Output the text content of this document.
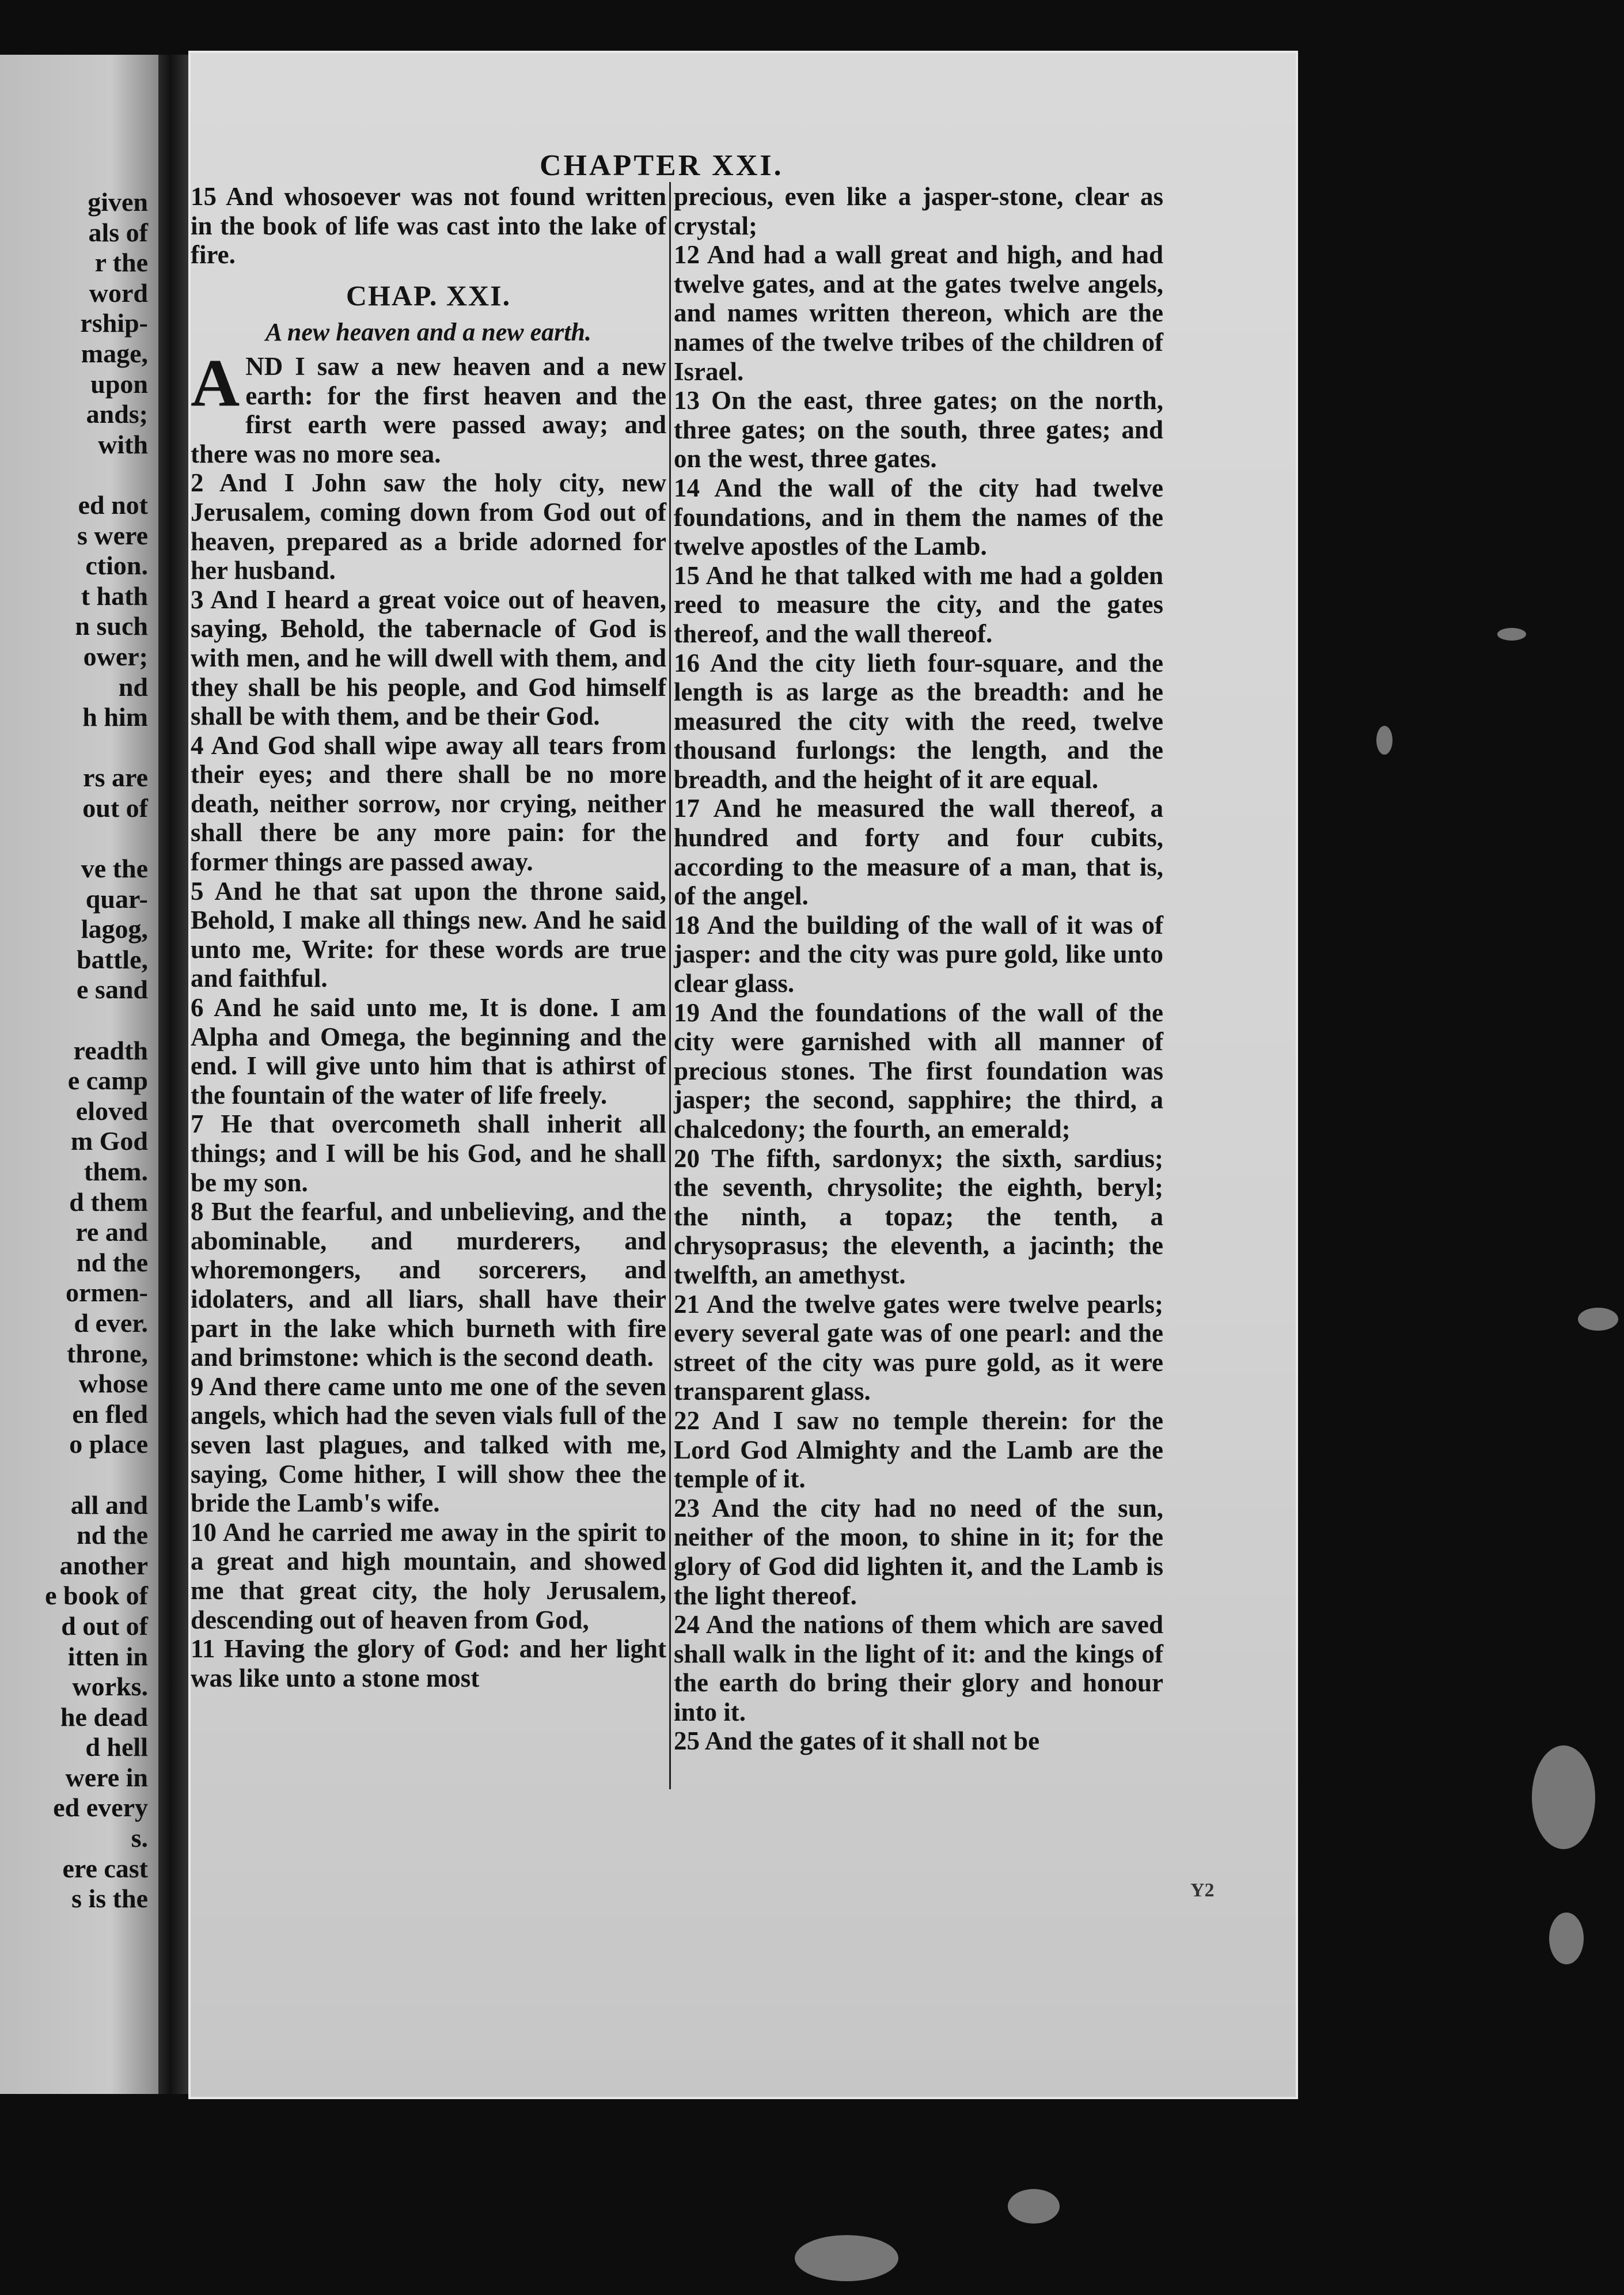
given
als of
r the
word
rship-
mage,
upon
ands;
with

ed not
s were
ction.
t hath
n such
ower;
nd
h him

rs are
out of

ve the
quar-
lagog,
battle,
e sand

readth
e camp
eloved
m God
them.
d them
re and
nd the
ormen-
d ever.
throne,
whose
en fled
o place

all and
nd the
another
e book of
d out of
itten in
works.
he dead
d hell
were in
ed every
s.
ere cast
s is the
CHAPTER XXI.

15 And whosoever was not found written in the book of life was cast into the lake of fire.

CHAP. XXI.
A new heaven and a new earth.

AND I saw a new heaven and a new earth: for the first heaven and the first earth were passed away; and there was no more sea.

2 And I John saw the holy city, new Jerusalem, coming down from God out of heaven, prepared as a bride adorned for her husband.

3 And I heard a great voice out of heaven, saying, Behold, the tabernacle of God is with men, and he will dwell with them, and they shall be his people, and God himself shall be with them, and be their God.

4 And God shall wipe away all tears from their eyes; and there shall be no more death, neither sorrow, nor crying, neither shall there be any more pain: for the former things are passed away.

5 And he that sat upon the throne said, Behold, I make all things new. And he said unto me, Write: for these words are true and faithful.

6 And he said unto me, It is done. I am Alpha and Omega, the beginning and the end. I will give unto him that is athirst of the fountain of the water of life freely.

7 He that overcometh shall inherit all things; and I will be his God, and he shall be my son.

8 But the fearful, and unbelieving, and the abominable, and murderers, and whoremongers, and sorcerers, and idolaters, and all liars, shall have their part in the lake which burneth with fire and brimstone: which is the second death.

9 And there came unto me one of the seven angels, which had the seven vials full of the seven last plagues, and talked with me, saying, Come hither, I will show thee the bride the Lamb's wife.

10 And he carried me away in the spirit to a great and high mountain, and showed me that great city, the holy Jerusalem, descending out of heaven from God,

11 Having the glory of God: and her light was like unto a stone most

precious, even like a jasper-stone, clear as crystal;

12 And had a wall great and high, and had twelve gates, and at the gates twelve angels, and names written thereon, which are the names of the twelve tribes of the children of Israel.

13 On the east, three gates; on the north, three gates; on the south, three gates; and on the west, three gates.

14 And the wall of the city had twelve foundations, and in them the names of the twelve apostles of the Lamb.

15 And he that talked with me had a golden reed to measure the city, and the gates thereof, and the wall thereof.

16 And the city lieth four-square, and the length is as large as the breadth: and he measured the city with the reed, twelve thousand furlongs: the length, and the breadth, and the height of it are equal.

17 And he measured the wall thereof, a hundred and forty and four cubits, according to the measure of a man, that is, of the angel.

18 And the building of the wall of it was of jasper: and the city was pure gold, like unto clear glass.

19 And the foundations of the wall of the city were garnished with all manner of precious stones. The first foundation was jasper; the second, sapphire; the third, a chalcedony; the fourth, an emerald;

20 The fifth, sardonyx; the sixth, sardius; the seventh, chrysolite; the eighth, beryl; the ninth, a topaz; the tenth, a chrysoprasus; the eleventh, a jacinth; the twelfth, an amethyst.

21 And the twelve gates were twelve pearls; every several gate was of one pearl: and the street of the city was pure gold, as it were transparent glass.

22 And I saw no temple therein: for the Lord God Almighty and the Lamb are the temple of it.

23 And the city had no need of the sun, neither of the moon, to shine in it; for the glory of God did lighten it, and the Lamb is the light thereof.

24 And the nations of them which are saved shall walk in the light of it: and the kings of the earth do bring their glory and honour into it.

25 And the gates of it shall not be

Y2
